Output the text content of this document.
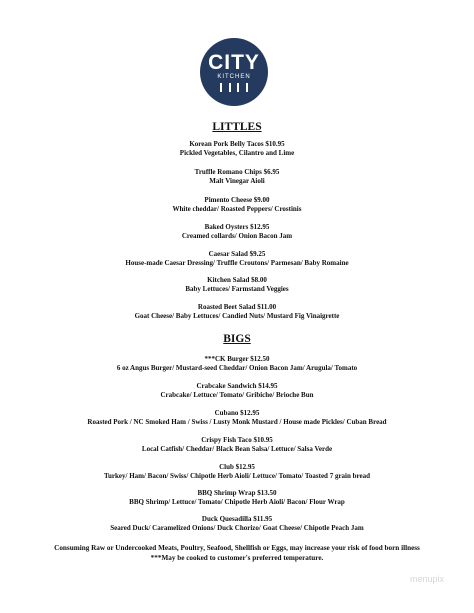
CITY
KITCHEN
LITTLES
Korean Pork Belly Tacos $10.95
Pickled Vegetables, Cilantro and Lime
Truffle Romano Chips $6.95
Malt Vinegar Aioli
Pimento Cheese $9.00
White cheddar/ Roasted Peppers/ Crostinis
Baked Oysters $12.95
Creamed collards/ Onion Bacon Jam
Caesar Salad $9.25
House-made Caesar Dressing/ Truffle Croutons/ Parmesan/ Baby Romaine
Kitchen Salad $8.00
Baby Lettuces/ Farmstand Veggies
Roasted Beet Salad $11.00
Goat Cheese/ Baby Lettuces/ Candied Nuts/ Mustard Fig Vinaigrette
BIGS
***CK Burger $12.50
6 oz Angus Burger/ Mustard-seed Cheddar/ Onion Bacon Jam/ Arugula/ Tomato
Crabcake Sandwich $14.95
Crabcake/ Lettuce/ Tomato/ Gribiche/ Brioche Bun
Cubano $12.95
Roasted Pork / NC Smoked Ham / Swiss / Lusty Monk Mustard / House made Pickles/ Cuban Bread
Crispy Fish Taco $10.95
Local Catfish/ Cheddar/ Black Bean Salsa/ Lettuce/ Salsa Verde
Club $12.95
Turkey/ Ham/ Bacon/ Swiss/ Chipotle Herb Aioli/ Lettuce/ Tomato/ Toasted 7 grain bread
BBQ Shrimp Wrap $13.50
BBQ Shrimp/ Lettuce/ Tomato/ Chipotle Herb Aioli/ Bacon/ Flour Wrap
Duck Quesadilla $11.95
Seared Duck/ Caramelized Onions/ Duck Chorizo/ Goat Cheese/ Chipotle Peach Jam
Consuming Raw or Undercooked Meats, Poultry, Seafood, Shellfish or Eggs, may increase your risk of food born illness
***May be cooked to customer's preferred temperature.
menupix
